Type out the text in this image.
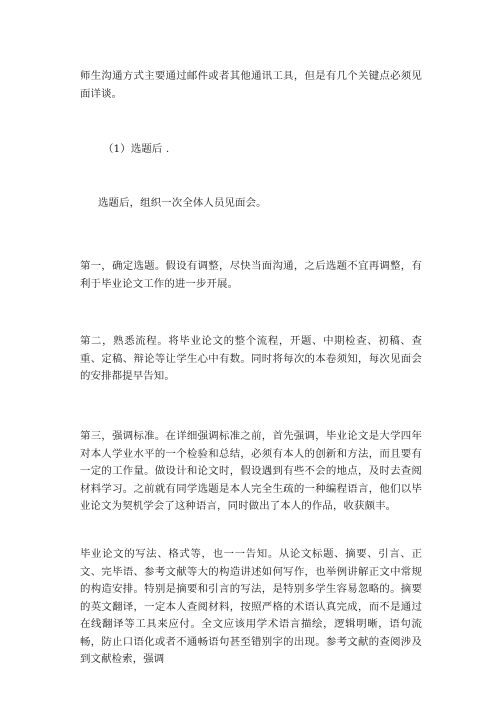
师生沟通方式主要通过邮件或者其他通讯工具，但是有几个关键点必须见面详谈。

（1）选题后 .

选题后，组织一次全体人员见面会。

第一，确定选题。假设有调整，尽快当面沟通，之后选题不宜再调整，有利于毕业论文工作的进一步开展。

第二，熟悉流程。将毕业论文的整个流程，开题、中期检查、初稿、查重、定稿、辩论等让学生心中有数。同时将每次的本卷须知，每次见面会的安排都提早告知。

第三，强调标准。在详细强调标准之前，首先强调，毕业论文是大学四年对本人学业水平的一个检验和总结，必须有本人的创新和方法，而且要有一定的工作量。做设计和论文时，假设遇到有些不会的地点，及时去查阅材料学习。之前就有同学选题是本人完全生疏的一种编程语言，他们以毕业论文为契机学会了这种语言，同时做出了本人的作品，收获颇丰。

毕业论文的写法、格式等，也一一告知。从论文标题、摘要、引言、正文、完毕语、参考文献等大的构造讲述如何写作，也举例讲解正文中常规的构造安排。特别是摘要和引言的写法，是特别多学生容易忽略的。摘要的英文翻译，一定本人查阅材料，按照严格的术语认真完成，而不是通过在线翻译等工具来应付。全文应该用学术语言描绘，逻辑明晰，语句流畅，防止口语化或者不通畅语句甚至错别字的出现。参考文献的查阅涉及到文献检索，强调
